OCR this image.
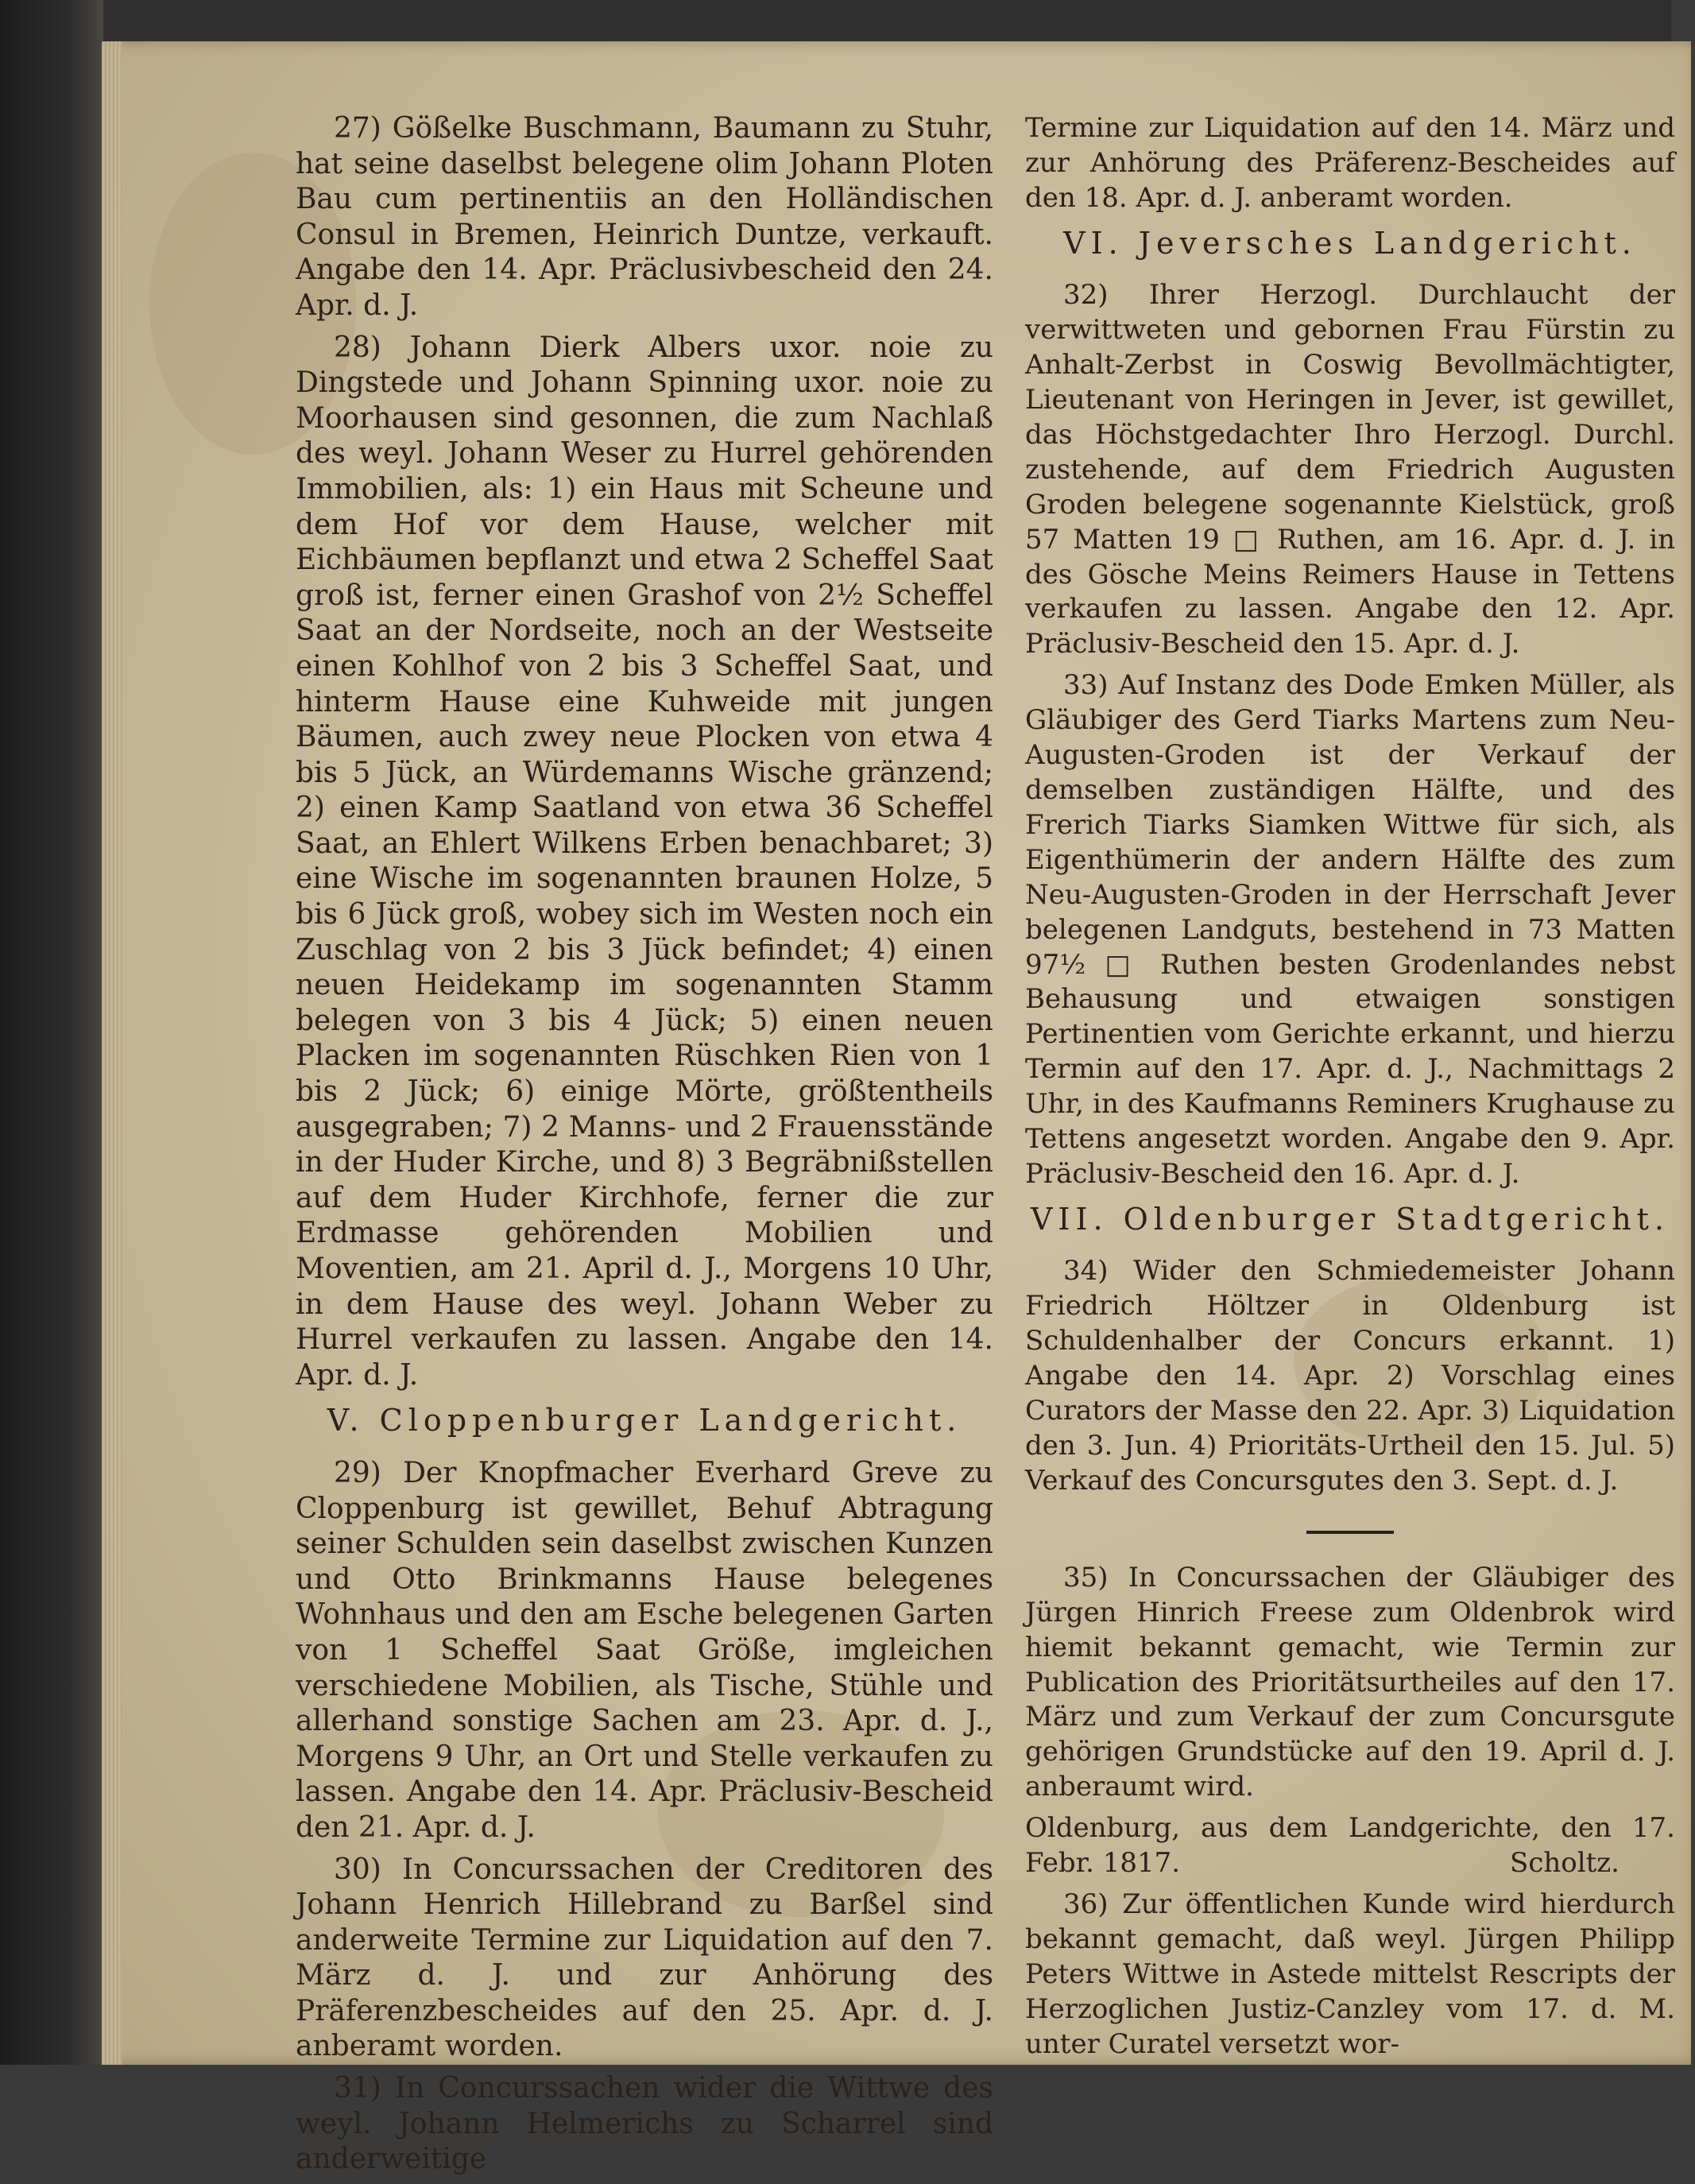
27) Gößelke Buschmann, Baumann zu Stuhr, hat seine daselbst belegene olim Johann Ploten Bau cum pertinentiis an den Holländischen Consul in Bremen, Heinrich Duntze, verkauft. Angabe den 14. Apr. Präclusivbescheid den 24. Apr. d. J.

28) Johann Dierk Albers uxor. noie zu Dingstede und Johann Spinning uxor. noie zu Moorhausen sind gesonnen, die zum Nachlaß des weyl. Johann Weser zu Hurrel gehörenden Immobilien, als: 1) ein Haus mit Scheune und dem Hof vor dem Hause, welcher mit Eichbäumen bepflanzt und etwa 2 Scheffel Saat groß ist, ferner einen Grashof von 2½ Scheffel Saat an der Nordseite, noch an der Westseite einen Kohlhof von 2 bis 3 Scheffel Saat, und hinterm Hause eine Kuhweide mit jungen Bäumen, auch zwey neue Plocken von etwa 4 bis 5 Jück, an Würdemanns Wische gränzend; 2) einen Kamp Saatland von etwa 36 Scheffel Saat, an Ehlert Wilkens Erben benachbaret; 3) eine Wische im sogenannten braunen Holze, 5 bis 6 Jück groß, wobey sich im Westen noch ein Zuschlag von 2 bis 3 Jück befindet; 4) einen neuen Heidekamp im sogenannten Stamm belegen von 3 bis 4 Jück; 5) einen neuen Placken im sogenannten Rüschken Rien von 1 bis 2 Jück; 6) einige Mörte, größtentheils ausgegraben; 7) 2 Manns- und 2 Frauensstände in der Huder Kirche, und 8) 3 Begräbnißstellen auf dem Huder Kirchhofe, ferner die zur Erdmasse gehörenden Mobilien und Moventien, am 21. April d. J., Morgens 10 Uhr, in dem Hause des weyl. Johann Weber zu Hurrel verkaufen zu lassen. Angabe den 14. Apr. d. J.

V. Cloppenburger Landgericht.

29) Der Knopfmacher Everhard Greve zu Cloppenburg ist gewillet, Behuf Abtragung seiner Schulden sein daselbst zwischen Kunzen und Otto Brinkmanns Hause belegenes Wohnhaus und den am Esche belegenen Garten von 1 Scheffel Saat Größe, imgleichen verschiedene Mobilien, als Tische, Stühle und allerhand sonstige Sachen am 23. Apr. d. J., Morgens 9 Uhr, an Ort und Stelle verkaufen zu lassen. Angabe den 14. Apr. Präclusiv-Bescheid den 21. Apr. d. J.

30) In Concurssachen der Creditoren des Johann Henrich Hillebrand zu Barßel sind anderweite Termine zur Liquidation auf den 7. März d. J. und zur Anhörung des Präferenzbescheides auf den 25. Apr. d. J. anberamt worden.

31) In Concurssachen wider die Wittwe des weyl. Johann Helmerichs zu Scharrel sind anderweitige

Termine zur Liquidation auf den 14. März und zur Anhörung des Präferenz-Bescheides auf den 18. Apr. d. J. anberamt worden.

VI. Jeversches Landgericht.

32) Ihrer Herzogl. Durchlaucht der verwittweten und gebornen Frau Fürstin zu Anhalt-Zerbst in Coswig Bevollmächtigter, Lieutenant von Heringen in Jever, ist gewillet, das Höchstgedachter Ihro Herzogl. Durchl. zustehende, auf dem Friedrich Augusten Groden belegene sogenannte Kielstück, groß 57 Matten 19 □ Ruthen, am 16. Apr. d. J. in des Gösche Meins Reimers Hause in Tettens verkaufen zu lassen. Angabe den 12. Apr. Präclusiv-Bescheid den 15. Apr. d. J.

33) Auf Instanz des Dode Emken Müller, als Gläubiger des Gerd Tiarks Martens zum Neu-Augusten-Groden ist der Verkauf der demselben zuständigen Hälfte, und des Frerich Tiarks Siamken Wittwe für sich, als Eigenthümerin der andern Hälfte des zum Neu-Augusten-Groden in der Herrschaft Jever belegenen Landguts, bestehend in 73 Matten 97½ □ Ruthen besten Grodenlandes nebst Behausung und etwaigen sonstigen Pertinentien vom Gerichte erkannt, und hierzu Termin auf den 17. Apr. d. J., Nachmittags 2 Uhr, in des Kaufmanns Reminers Krughause zu Tettens angesetzt worden. Angabe den 9. Apr. Präclusiv-Bescheid den 16. Apr. d. J.

VII. Oldenburger Stadtgericht.

34) Wider den Schmiedemeister Johann Friedrich Höltzer in Oldenburg ist Schuldenhalber der Concurs erkannt. 1) Angabe den 14. Apr. 2) Vorschlag eines Curators der Masse den 22. Apr. 3) Liquidation den 3. Jun. 4) Prioritäts-Urtheil den 15. Jul. 5) Verkauf des Concursgutes den 3. Sept. d. J.

35) In Concurssachen der Gläubiger des Jürgen Hinrich Freese zum Oldenbrok wird hiemit bekannt gemacht, wie Termin zur Publication des Prioritätsurtheiles auf den 17. März und zum Verkauf der zum Concursgute gehörigen Grundstücke auf den 19. April d. J. anberaumt wird.

Oldenburg, aus dem Landgerichte, den 17. Febr. 1817.	Scholtz.

36) Zur öffentlichen Kunde wird hierdurch bekannt gemacht, daß weyl. Jürgen Philipp Peters Wittwe in Astede mittelst Rescripts der Herzoglichen Justiz-Canzley vom 17. d. M. unter Curatel versetzt wor-
